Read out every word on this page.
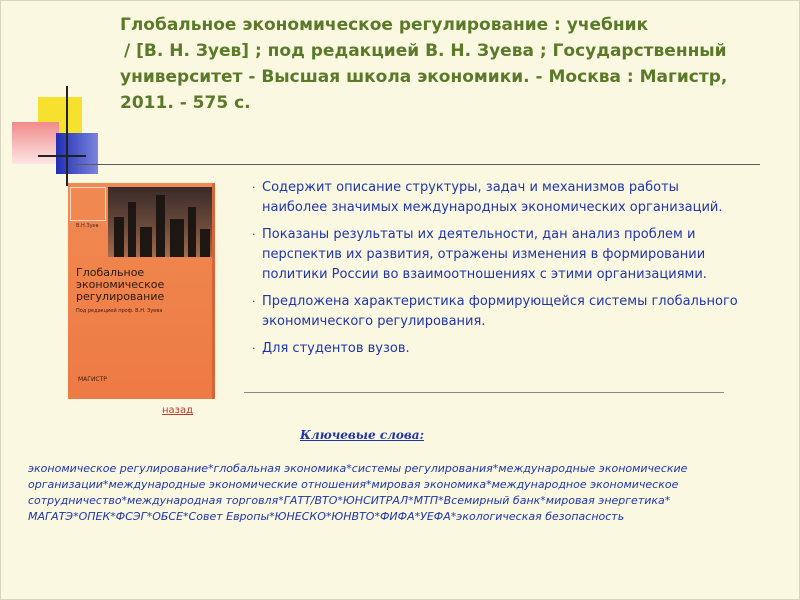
Глобальное экономическое регулирование : учебник
/ [В. Н. Зуев] ; под редакцией В. Н. Зуева ; Государственный
университет - Высшая школа экономики. - Москва : Магистр,
2011. - 575 с.
В.Н.Зуев
Глобальное
экономическое
регулирование
Под редакцией проф. В.Н. Зуева
МАГИСТР
назад
· Содержит описание структуры, задач и механизмов работы
наиболее значимых международных экономических организаций.
· Показаны результаты их деятельности, дан анализ проблем и
перспектив их развития, отражены изменения в формировании
политики России во взаимоотношениях с этими организациями.
· Предложена характеристика формирующейся системы глобального
экономического регулирования.
· Для студентов вузов.
Ключевые слова:
экономическое регулирование*глобальная экономика*системы регулирования*международные экономические
организации*международные экономические отношения*мировая экономика*международное экономическое
сотрудничество*международная торговля*ГАТТ/ВТО*ЮНСИТРАЛ*МТП*Всемирный банк*мировая энергетика*
МАГАТЭ*ОПЕК*ФСЭГ*ОБСЕ*Совет Европы*ЮНЕСКО*ЮНВТО*ФИФА*УЕФА*экологическая безопасность
